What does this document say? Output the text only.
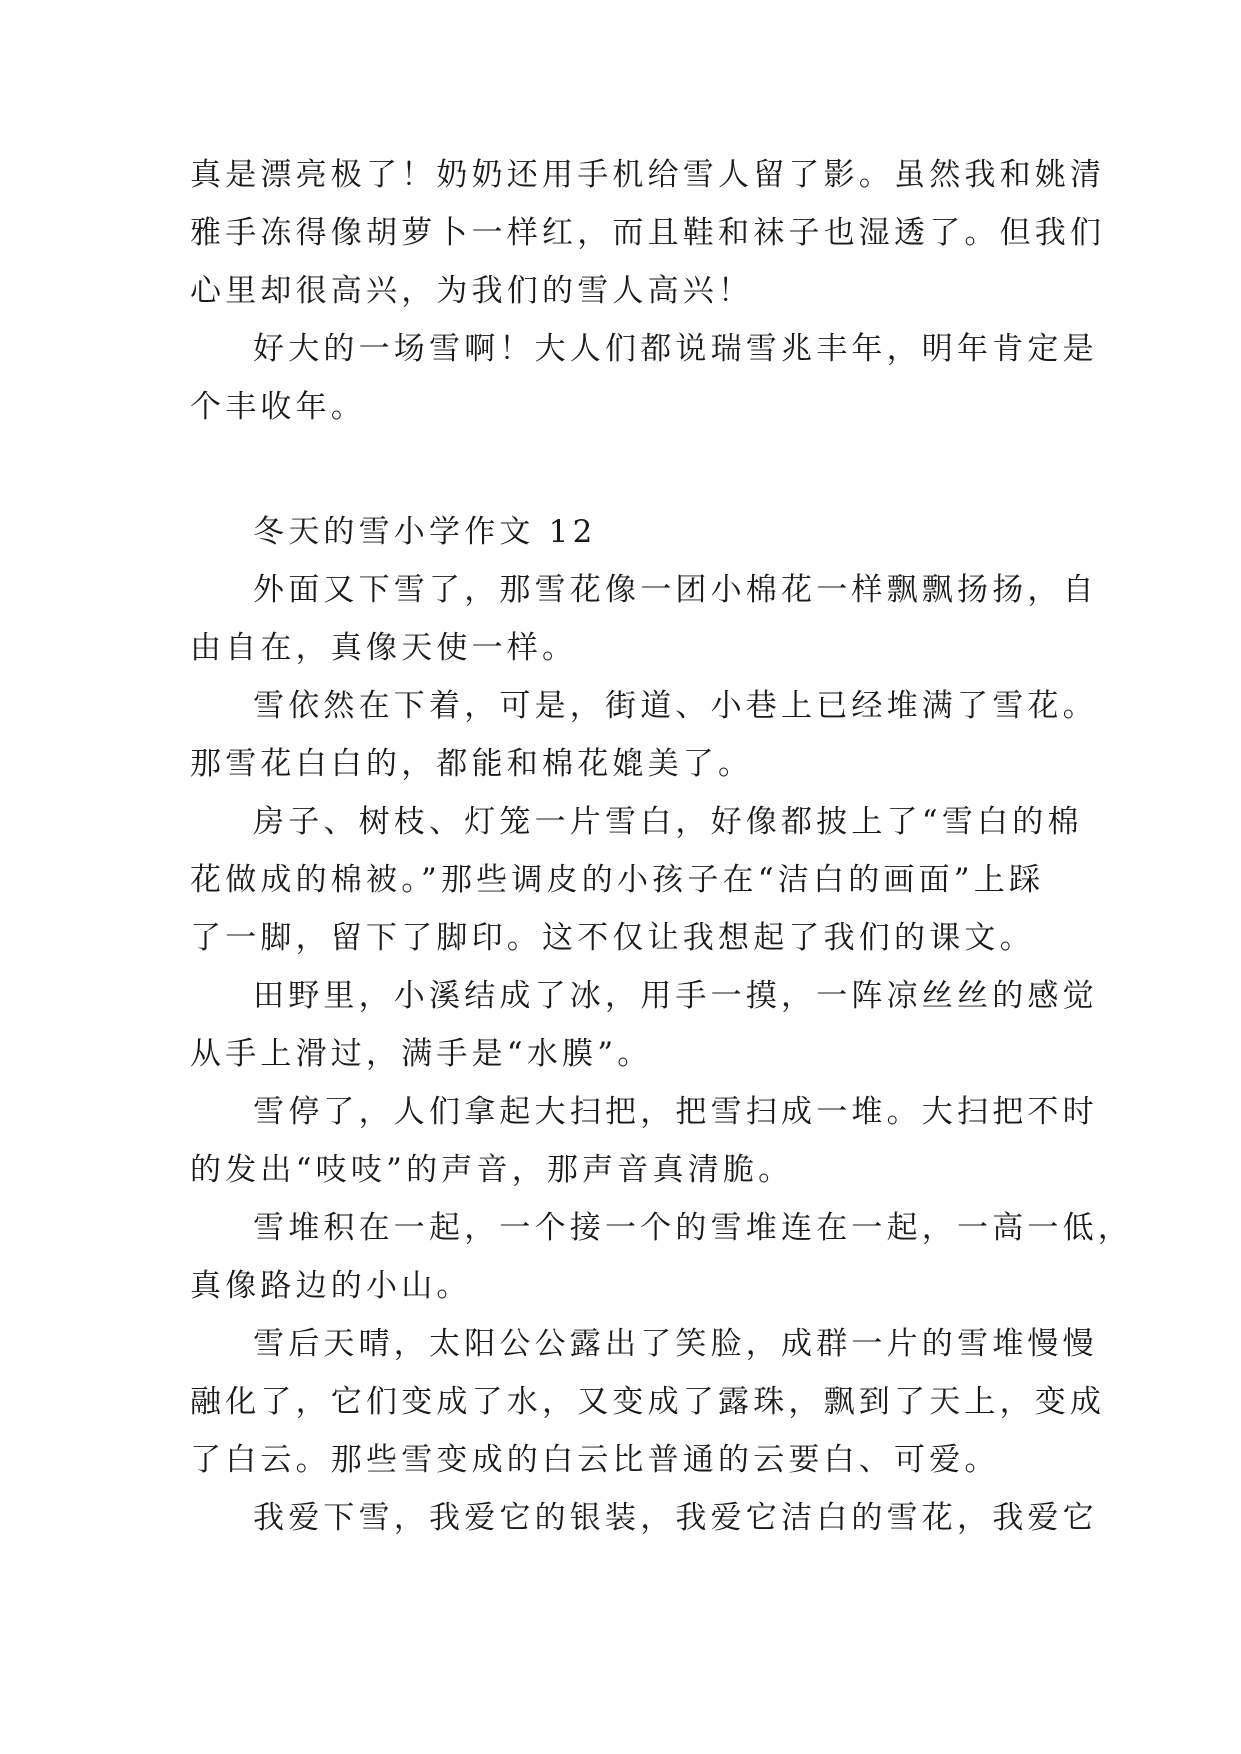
真是漂亮极了！奶奶还用手机给雪人留了影。虽然我和姚清
雅手冻得像胡萝卜一样红，而且鞋和袜子也湿透了。但我们
心里却很高兴，为我们的雪人高兴！
好大的一场雪啊！大人们都说瑞雪兆丰年，明年肯定是
个丰收年。
冬天的雪小学作文 12
外面又下雪了，那雪花像一团小棉花一样飘飘扬扬，自
由自在，真像天使一样。
雪依然在下着，可是，街道、小巷上已经堆满了雪花。
那雪花白白的，都能和棉花媲美了。
房子、树枝、灯笼一片雪白，好像都披上了“雪白的棉
花做成的棉被。”那些调皮的小孩子在“洁白的画面”上踩
了一脚，留下了脚印。这不仅让我想起了我们的课文。
田野里，小溪结成了冰，用手一摸，一阵凉丝丝的感觉
从手上滑过，满手是“水膜”。
雪停了，人们拿起大扫把，把雪扫成一堆。大扫把不时
的发出“吱吱”的声音，那声音真清脆。
雪堆积在一起，一个接一个的雪堆连在一起，一高一低，
真像路边的小山。
雪后天晴，太阳公公露出了笑脸，成群一片的雪堆慢慢
融化了，它们变成了水，又变成了露珠，飘到了天上，变成
了白云。那些雪变成的白云比普通的云要白、可爱。
我爱下雪，我爱它的银装，我爱它洁白的雪花，我爱它
